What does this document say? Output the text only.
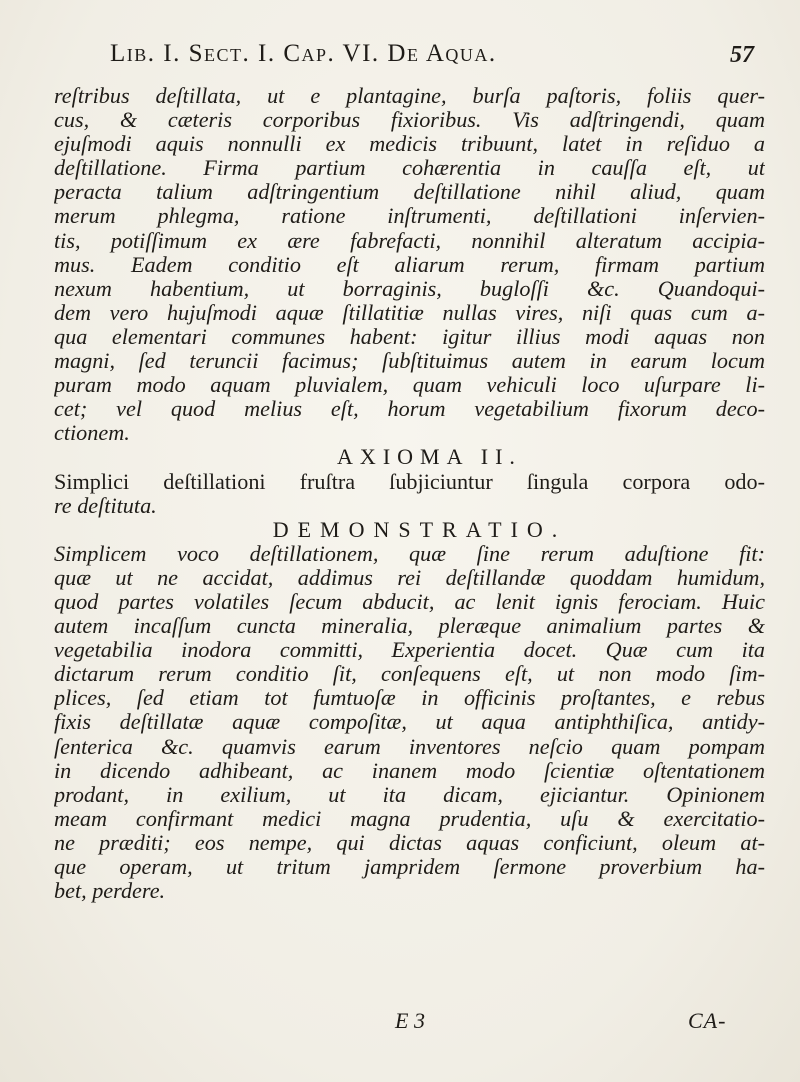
Lib. I. Sect. I. Cap. VI. De Aqua.	57
reſtribus deſtillata, ut e plantagine, burſa paſtoris, foliis quer-
cus, & cæteris corporibus fixioribus. Vis adſtringendi, quam
ejuſmodi aquis nonnulli ex medicis tribuunt, latet in reſiduo a
deſtillatione. Firma partium cohærentia in cauſſa eſt, ut
peracta talium adſtringentium deſtillatione nihil aliud, quam
merum phlegma, ratione inſtrumenti, deſtillationi inſervien-
tis, potiſſimum ex ære fabrefacti, nonnihil alteratum accipia-
mus. Eadem conditio eſt aliarum rerum, firmam partium
nexum habentium, ut borraginis, bugloſſi &c. Quandoqui-
dem vero hujuſmodi aquæ ſtillatitiæ nullas vires, niſi quas cum a-
qua elementari communes habent: igitur illius modi aquas non
magni, ſed teruncii facimus; ſubſtituimus autem in earum locum
puram modo aquam pluvialem, quam vehiculi loco uſurpare li-
cet; vel quod melius eſt, horum vegetabilium fixorum deco-
ctionem.
AXIOMA II.
Simplici deſtillationi fruſtra ſubjiciuntur ſingula corpora odo-
re deſtituta.
DEMONSTRATIO.
Simplicem voco deſtillationem, quæ ſine rerum aduſtione fit:
quæ ut ne accidat, addimus rei deſtillandæ quoddam humidum,
quod partes volatiles ſecum abducit, ac lenit ignis ferociam. Huic
autem incaſſum cuncta mineralia, pleræque animalium partes &
vegetabilia inodora committi, Experientia docet. Quæ cum ita
dictarum rerum conditio ſit, conſequens eſt, ut non modo ſim-
plices, ſed etiam tot fumtuoſæ in officinis proſtantes, e rebus
fixis deſtillatæ aquæ compoſitæ, ut aqua antiphthiſica, antidy-
ſenterica &c. quamvis earum inventores neſcio quam pompam
in dicendo adhibeant, ac inanem modo ſcientiæ oſtentationem
prodant, in exilium, ut ita dicam, ejiciantur. Opinionem
meam confirmant medici magna prudentia, uſu & exercitatio-
ne præditi; eos nempe, qui dictas aquas conficiunt, oleum at-
que operam, ut tritum jampridem ſermone proverbium ha-
bet, perdere.
E 3	CA-
